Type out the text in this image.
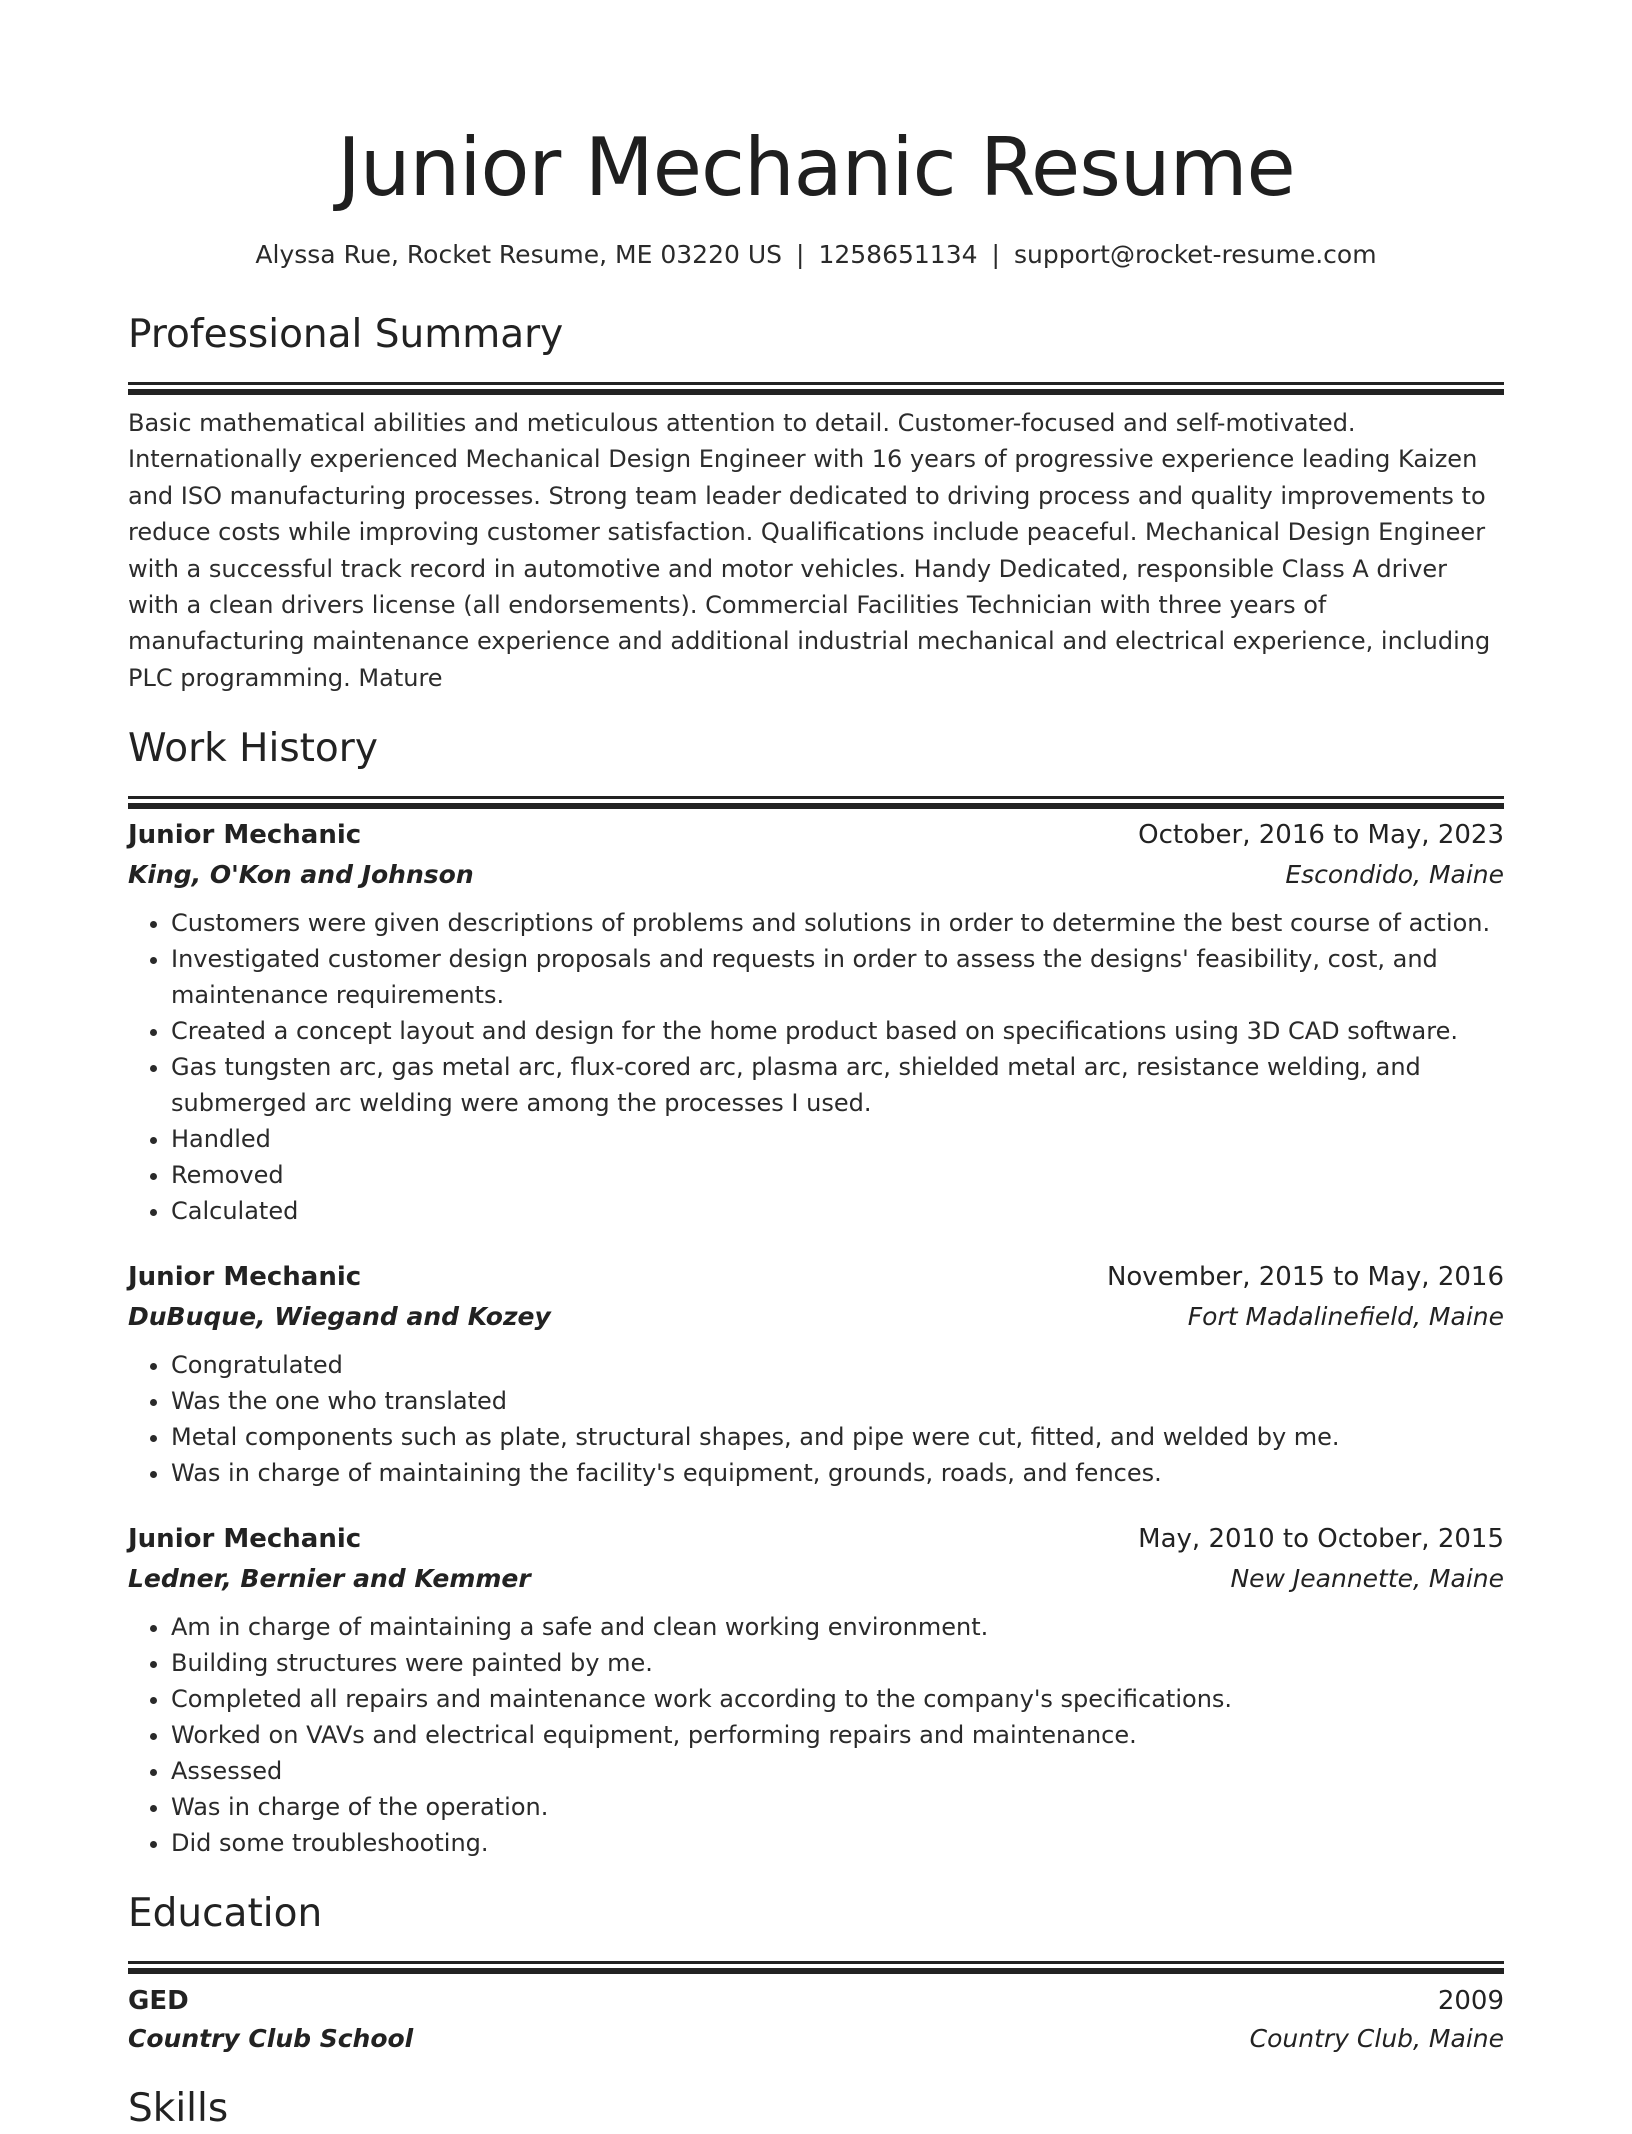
Junior Mechanic Resume
Alyssa Rue, Rocket Resume, ME 03220 US | 1258651134 | support@rocket-resume.com
Professional Summary

Basic mathematical abilities and meticulous attention to detail. Customer-focused and self-motivated. Internationally experienced Mechanical Design Engineer with 16 years of progressive experience leading Kaizen and ISO manufacturing processes. Strong team leader dedicated to driving process and quality improvements to reduce costs while improving customer satisfaction. Qualifications include peaceful. Mechanical Design Engineer with a successful track record in automotive and motor vehicles. Handy Dedicated, responsible Class A driver with a clean drivers license (all endorsements). Commercial Facilities Technician with three years of manufacturing maintenance experience and additional industrial mechanical and electrical experience, including PLC programming. Mature

Work History
Junior Mechanic	October, 2016 to May, 2023
King, O'Kon and Johnson	Escondido, Maine
• Customers were given descriptions of problems and solutions in order to determine the best course of action.
• Investigated customer design proposals and requests in order to assess the designs' feasibility, cost, and maintenance requirements.
• Created a concept layout and design for the home product based on specifications using 3D CAD software.
• Gas tungsten arc, gas metal arc, flux-cored arc, plasma arc, shielded metal arc, resistance welding, and submerged arc welding were among the processes I used.
• Handled
• Removed
• Calculated
Junior Mechanic	November, 2015 to May, 2016
DuBuque, Wiegand and Kozey	Fort Madalinefield, Maine
• Congratulated
• Was the one who translated
• Metal components such as plate, structural shapes, and pipe were cut, fitted, and welded by me.
• Was in charge of maintaining the facility's equipment, grounds, roads, and fences.
Junior Mechanic	May, 2010 to October, 2015
Ledner, Bernier and Kemmer	New Jeannette, Maine
• Am in charge of maintaining a safe and clean working environment.
• Building structures were painted by me.
• Completed all repairs and maintenance work according to the company's specifications.
• Worked on VAVs and electrical equipment, performing repairs and maintenance.
• Assessed
• Was in charge of the operation.
• Did some troubleshooting.
Education
GED	2009
Country Club School	Country Club, Maine
Skills
